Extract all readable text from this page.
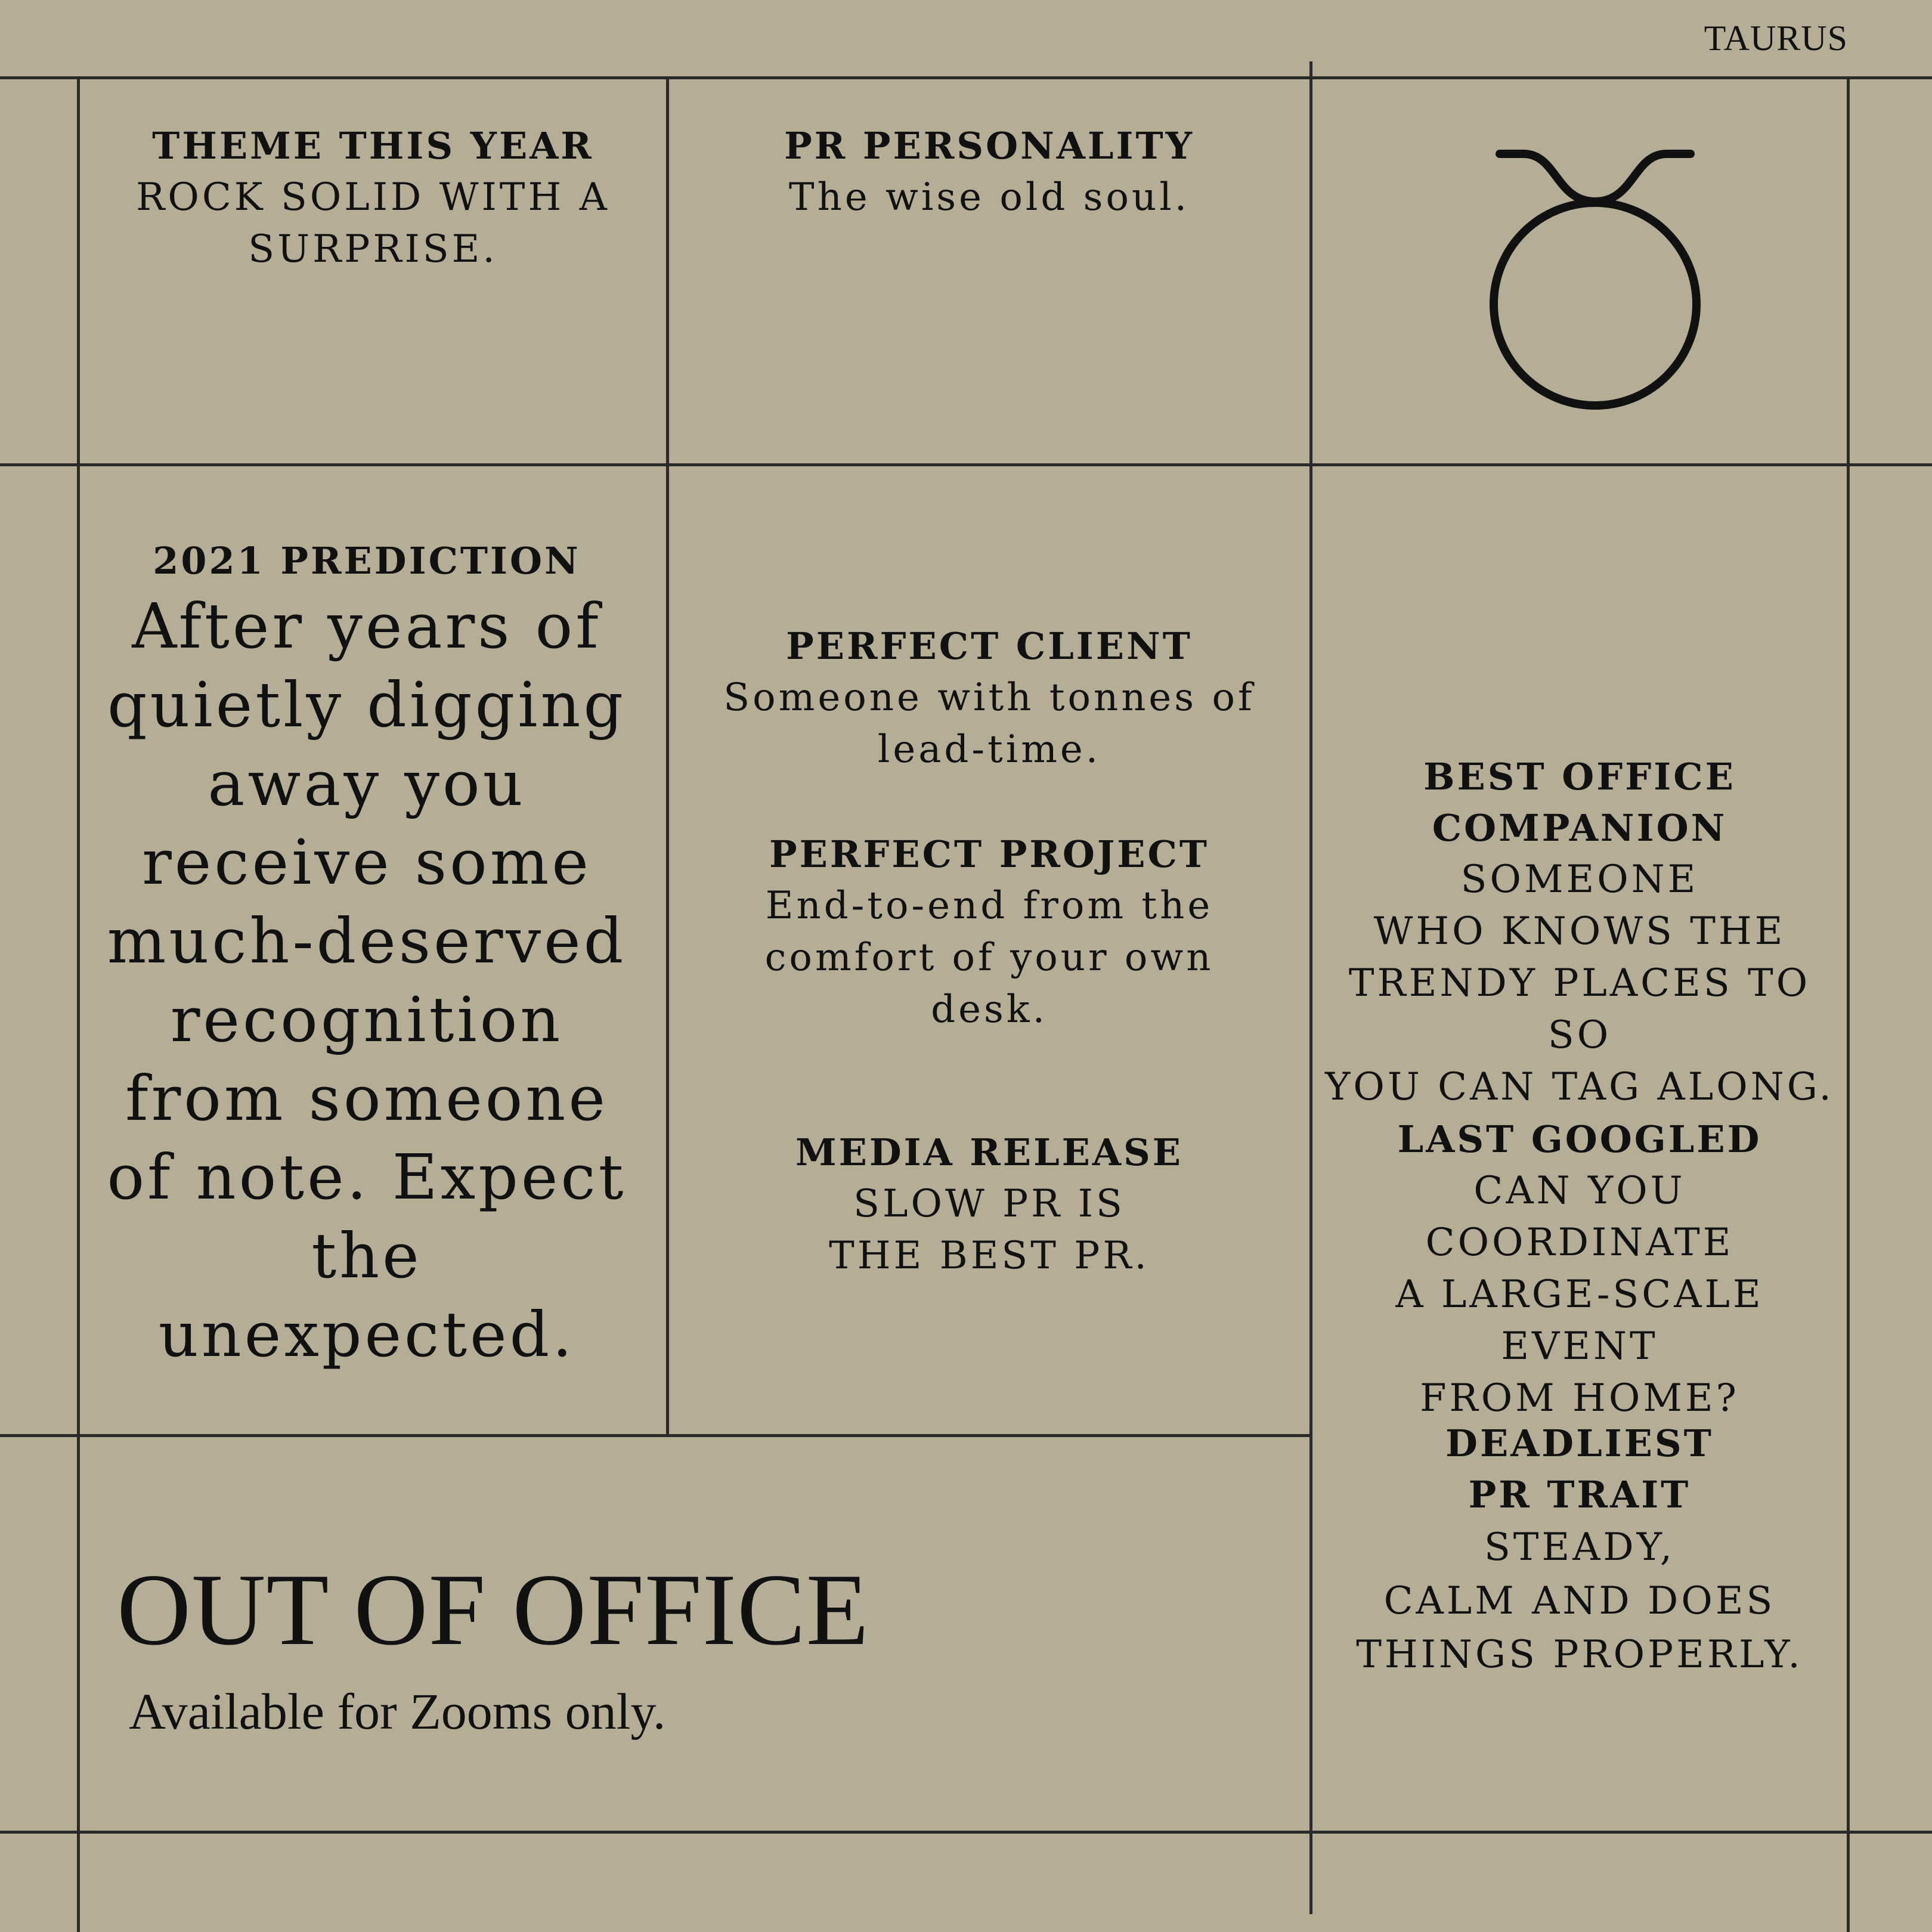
TAURUS
THEME THIS YEAR
ROCK SOLID WITH A
SURPRISE.
PR PERSONALITY
The wise old soul.
2021 PREDICTION
After years of quietly digging away you receive some much-deserved recognition from someone of note. Expect the unexpected.
PERFECT CLIENT
Someone with tonnes of
lead-time.
PERFECT PROJECT
End-to-end from the
comfort of your own
desk.
MEDIA RELEASE
SLOW PR IS
THE BEST PR.
BEST OFFICE
COMPANION
SOMEONE
WHO KNOWS THE
TRENDY PLACES TO SO
YOU CAN TAG ALONG.
LAST GOOGLED
CAN YOU COORDINATE
A LARGE-SCALE EVENT
FROM HOME?
DEADLIEST
PR TRAIT
STEADY,
CALM AND DOES
THINGS PROPERLY.
OUT OF OFFICE
Available for Zooms only.
